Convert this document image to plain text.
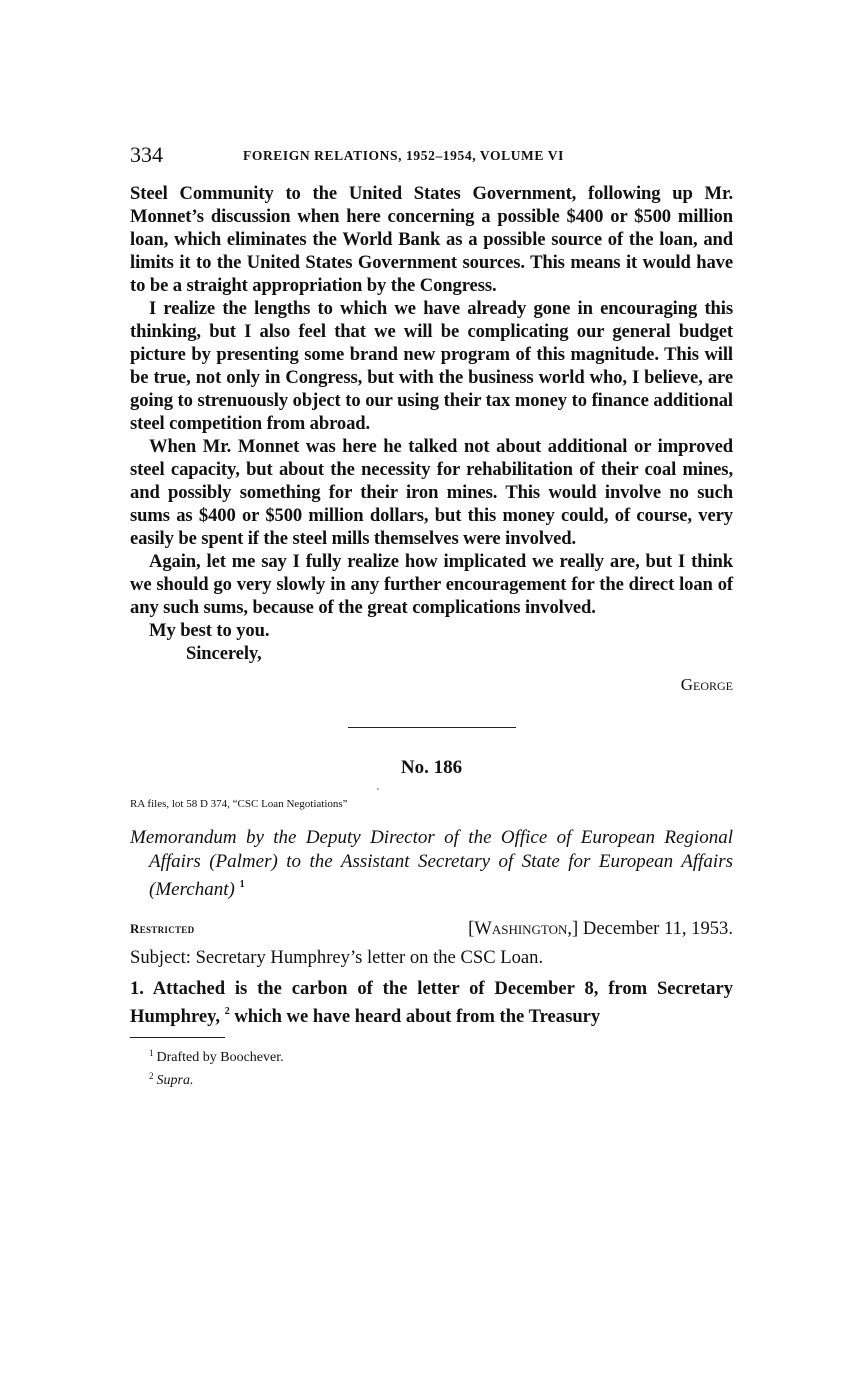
334	FOREIGN RELATIONS, 1952–1954, VOLUME VI

Steel Community to the United States Government, following up Mr. Monnet’s discussion when here concerning a possible $400 or $500 million loan, which eliminates the World Bank as a possible source of the loan, and limits it to the United States Government sources. This means it would have to be a straight appropriation by the Congress.

I realize the lengths to which we have already gone in encouraging this thinking, but I also feel that we will be complicating our general budget picture by presenting some brand new program of this magnitude. This will be true, not only in Congress, but with the business world who, I believe, are going to strenuously object to our using their tax money to finance additional steel competition from abroad.

When Mr. Monnet was here he talked not about additional or improved steel capacity, but about the necessity for rehabilitation of their coal mines, and possibly something for their iron mines. This would involve no such sums as $400 or $500 million dollars, but this money could, of course, very easily be spent if the steel mills themselves were involved.

Again, let me say I fully realize how implicated we really are, but I think we should go very slowly in any further encouragement for the direct loan of any such sums, because of the great complications involved.

My best to you.

Sincerely,

George

No. 186
RA files, lot 58 D 374, “CSC Loan Negotiations”
Memorandum by the Deputy Director of the Office of European Regional Affairs (Palmer) to the Assistant Secretary of State for European Affairs (Merchant) $^1$
Restricted	[Washington,] December 11, 1953.
Subject: Secretary Humphrey’s letter on the CSC Loan.
1. Attached is the carbon of the letter of December 8, from Secretary Humphrey, $^2$ which we have heard about from the Treasury
$^1$ Drafted by Boochever.
$^2$ Supra.
